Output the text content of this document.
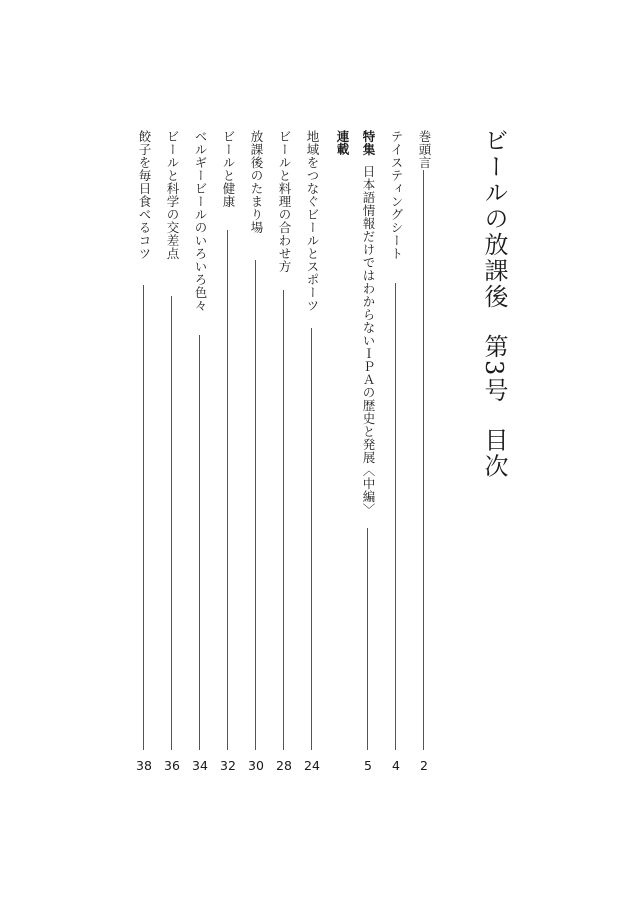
ビールの放課後第3号目次
巻頭言
2
テイスティングシート
4
特集日本語情報だけではわからないＩＰＡの歴史と発展〈中編〉
5
連載
地域をつなぐビールとスポーツ
24
ビールと料理の合わせ方
28
放課後のたまり場
30
ビールと健康
32
ベルギービールのいろいろ色々
34
ビールと科学の交差点
36
餃子を毎日食べるコツ
38
